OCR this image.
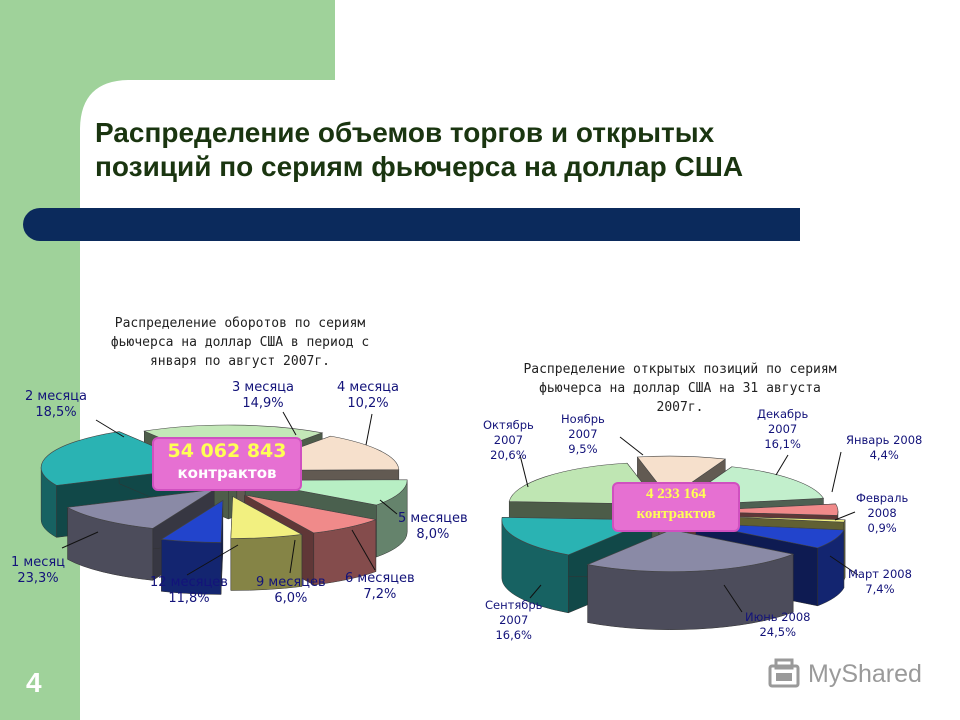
Распределение объемов торгов и открытых
позиций по сериям фьючерса на доллар США
Распределение оборотов по сериям
фьючерса на доллар США в период с
января по август 2007г.
Распределение открытых позиций по сериям
фьючерса на доллар США на 31 августа
2007г.
1 месяц
23,3%
2 месяца
18,5%
3 месяца
14,9%
4 месяца
10,2%
5 месяцев
8,0%
6 месяцев
7,2%
9 месяцев
6,0%
12 месяцев
11,8%
Октябрь
2007
20,6%
Ноябрь
2007
9,5%
Декабрь
2007
16,1%	Январь 2008
4,4%
Февраль
2008
0,9%
Март 2008
7,4%
Июнь 2008
24,5%
Сентябрь
2007
16,6%
54 062 843
контрактов
4 233 164
контрактов
4	MyShared
